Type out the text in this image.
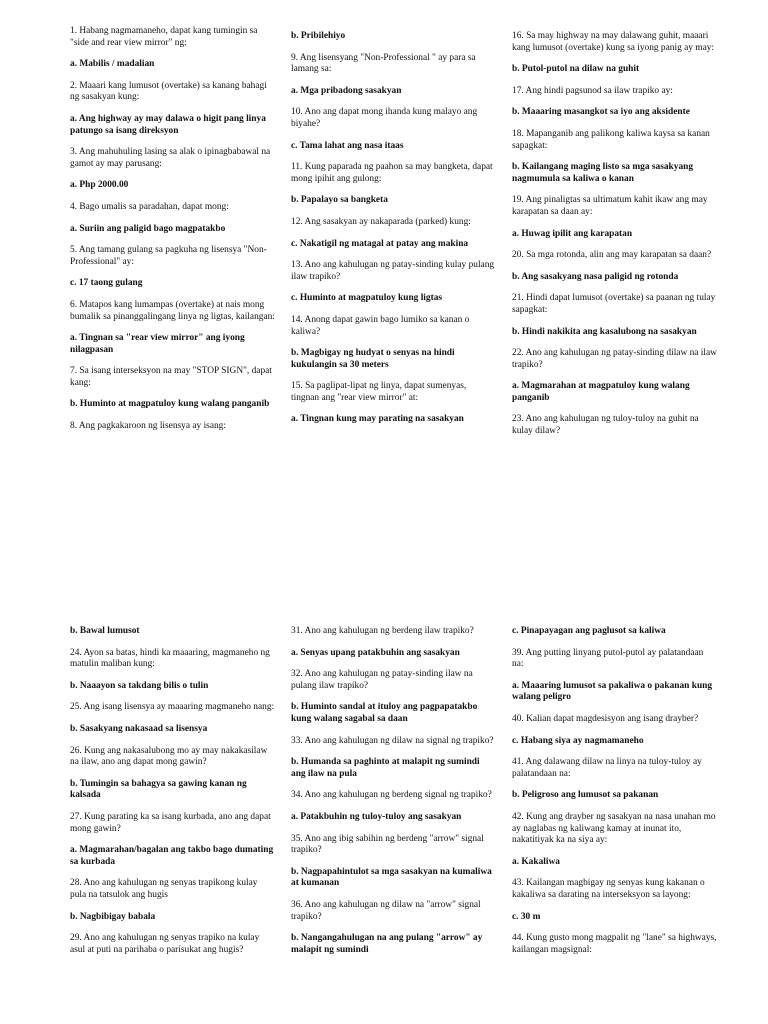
1. Habang nagmamaneho, dapat kang tumingin sa "side and rear view mirror" ng:

a. Mabilis / madalian

2. Maaari kang lumusot (overtake) sa kanang bahagi ng sasakyan kung:

a. Ang highway ay may dalawa o higit pang linya patungo sa isang direksyon

3. Ang mahuhuling lasing sa alak o ipinagbabawal na gamot ay may parusang:

a. Php 2000.00

4. Bago umalis sa paradahan, dapat mong:

a. Suriin ang paligid bago magpatakbo

5. Ang tamang gulang sa pagkuha ng lisensya "Non-Professional" ay:

c. 17 taong gulang

6. Matapos kang lumampas (overtake) at nais mong bumalik sa pinanggalingang linya ng ligtas, kailangan:

a. Tingnan sa "rear view mirror" ang iyong nilagpasan

7. Sa isang interseksyon na may "STOP SIGN", dapat kang:

b. Huminto at magpatuloy kung walang panganib

8. Ang pagkakaroon ng lisensya ay isang:

b. Pribilehiyo

9. Ang lisensyang "Non-Professional " ay para sa lamang sa:

a. Mga pribadong sasakyan

10. Ano ang dapat mong ihanda kung malayo ang biyahe?

c. Tama lahat ang nasa itaas

11. Kung paparada ng paahon sa may bangketa, dapat mong ipihit ang gulong:

b. Papalayo sa bangketa

12. Ang sasakyan ay nakaparada (parked) kung:

c. Nakatigil ng matagal at patay ang makina

13. Ano ang kahulugan ng patay-sinding kulay pulang ilaw trapiko?

c. Huminto at magpatuloy kung ligtas

14. Anong dapat gawin bago lumiko sa kanan o kaliwa?

b. Magbigay ng hudyat o senyas na hindi kukulangin sa 30 meters

15. Sa paglipat-lipat ng linya, dapat sumenyas, tingnan ang "rear view mirror" at:

a. Tingnan kung may parating na sasakyan

16. Sa may highway na may dalawang guhit, maaari kang lumusot (overtake) kung sa iyong panig ay may:

b. Putol-putol na dilaw na guhit

17. Ang hindi pagsunod sa ilaw trapiko ay:

b. Maaaring masangkot sa iyo ang aksidente

18. Mapanganib ang palikong kaliwa kaysa sa kanan sapagkat:

b. Kailangang maging listo sa mga sasakyang nagmumula sa kaliwa o kanan

19. Ang pinaligtas sa ultimatum kahit ikaw ang may karapatan sa daan ay:

a. Huwag ipilit ang karapatan

20. Sa mga rotonda, alin ang may karapatan sa daan?

b. Ang sasakyang nasa paligid ng rotonda

21. Hindi dapat lumusot (overtake) sa paanan ng tulay sapagkat:

b. Hindi nakikita ang kasalubong na sasakyan

22. Ano ang kahulugan ng patay-sinding dilaw na ilaw trapiko?

a. Magmarahan at magpatuloy kung walang panganib

23. Ano ang kahulugan ng tuloy-tuloy na guhit na kulay dilaw?

b. Bawal lumusot

24. Ayon sa batas, hindi ka maaaring, magmaneho ng matulin maliban kung:

b. Naaayon sa takdang bilis o tulin

25. Ang isang lisensya ay maaaring magmaneho nang:

b. Sasakyang nakasaad sa lisensya

26. Kung ang nakasalubong mo ay may nakakasilaw na ilaw, ano ang dapat mong gawin?

b. Tumingin sa bahagya sa gawing kanan ng kalsada

27. Kung parating ka sa isang kurbada, ano ang dapat mong gawin?

a. Magmarahan/bagalan ang takbo bago dumating sa kurbada

28. Ano ang kahulugan ng senyas trapikong kulay pula na tatsulok ang hugis

b. Nagbibigay babala

29. Ano ang kahulugan ng senyas trapiko na kulay asul at puti na parihaba o parisukat ang hugis?

31. Ano ang kahulugan ng berdeng ilaw trapiko?

a. Senyas upang patakbuhin ang sasakyan

32. Ano ang kahulugan ng patay-sinding ilaw na pulang ilaw trapiko?

b. Huminto sandal at ituloy ang pagpapatakbo kung walang sagabal sa daan

33. Ano ang kahulugan ng dilaw na signal ng trapiko?

b. Humanda sa paghinto at malapit ng sumindi ang ilaw na pula

34. Ano ang kahulugan ng berdeng signal ng trapiko?

a. Patakbuhin ng tuloy-tuloy ang sasakyan

35. Ano ang ibig sabihin ng berdeng "arrow" signal trapiko?

b. Nagpapahintulot sa mga sasakyan na kumaliwa at kumanan

36. Ano ang kahulugan ng dilaw na "arrow" signal trapiko?

b. Nangangahulugan na ang pulang "arrow" ay malapit ng sumindi

c. Pinapayagan ang paglusot sa kaliwa

39. Ang putting linyang putol-putol ay palatandaan na:

a. Maaaring lumusot sa pakaliwa o pakanan kung walang peligro

40. Kalian dapat magdesisyon ang isang drayber?

c. Habang siya ay nagmamaneho

41. Ang dalawang dilaw na linya na tuloy-tuloy ay palatandaan na:

b. Peligroso ang lumusot sa pakanan

42. Kung ang drayber ng sasakyan na nasa unahan mo ay naglabas ng kaliwang kamay at inunat ito, nakatitiyak ka na siya ay:

a. Kakaliwa

43. Kailangan magbigay ng senyas kung kakanan o kakaliwa sa darating na interseksyon sa layong:

c. 30 m

44. Kung gusto mong magpalit ng "lane" sa highways, kailangan magsignal:
